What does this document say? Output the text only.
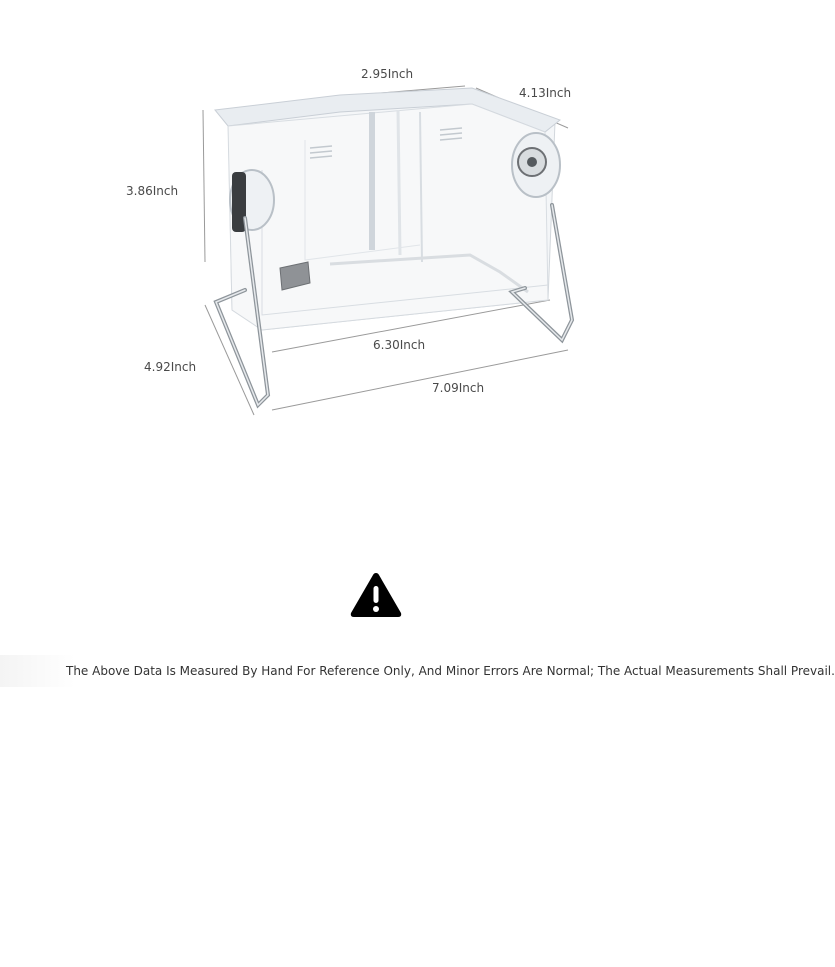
2.95Inch
4.13Inch
3.86Inch
4.92Inch
6.30Inch
7.09Inch
The Above Data Is Measured By Hand For Reference Only, And Minor Errors Are Normal; The Actual Measurements Shall Prevail.
